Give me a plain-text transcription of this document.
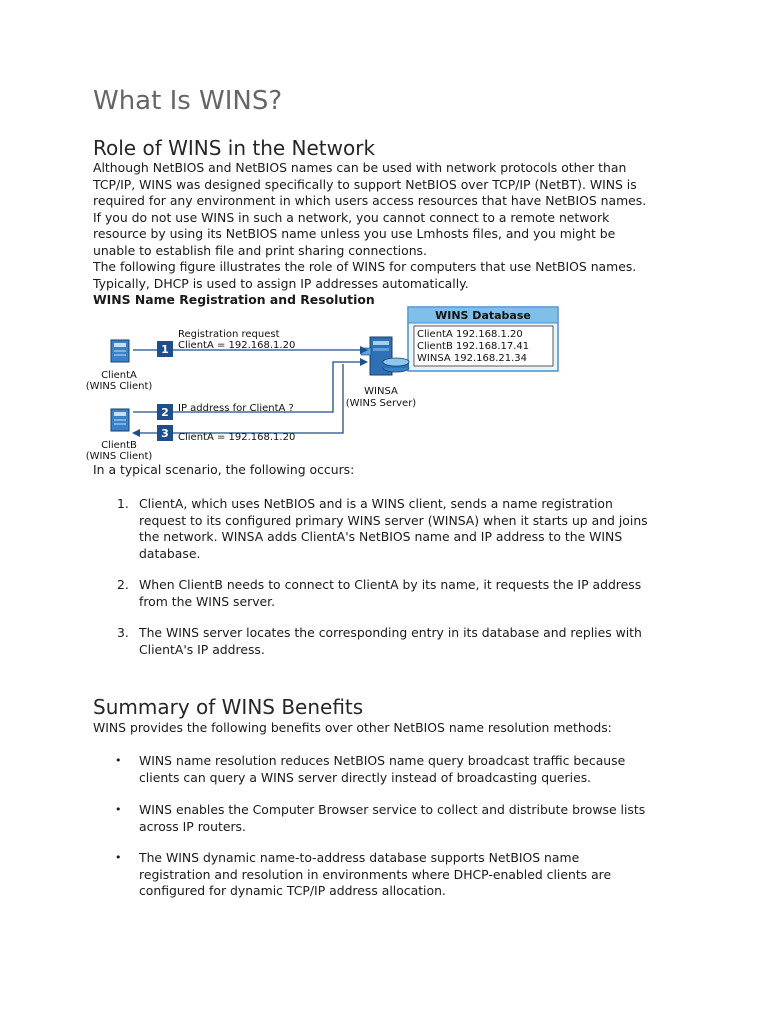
What Is WINS?
Role of WINS in the Network
Although NetBIOS and NetBIOS names can be used with network protocols other than
TCP/IP, WINS was designed specifically to support NetBIOS over TCP/IP (NetBT). WINS is
required for any environment in which users access resources that have NetBIOS names.
If you do not use WINS in such a network, you cannot connect to a remote network
resource by using its NetBIOS name unless you use Lmhosts files, and you might be
unable to establish file and print sharing connections.
The following figure illustrates the role of WINS for computers that use NetBIOS names.
Typically, DHCP is used to assign IP addresses automatically.
WINS Name Registration and Resolution
WINS Database
ClientA 192.168.1.20
ClientB 192.168.17.41
WINSA 192.168.21.34
WINSA
(WINS Server)
ClientA
(WINS Client)
ClientB
(WINS Client)
1
Registration request
ClientA = 192.168.1.20
2 IP address for ClientA ?
3 ClientA = 192.168.1.20
In a typical scenario, the following occurs:
1. ClientA, which uses NetBIOS and is a WINS client, sends a name registration
request to its configured primary WINS server (WINSA) when it starts up and joins
the network. WINSA adds ClientA's NetBIOS name and IP address to the WINS
database.
2. When ClientB needs to connect to ClientA by its name, it requests the IP address
from the WINS server.
3. The WINS server locates the corresponding entry in its database and replies with
ClientA's IP address.
Summary of WINS Benefits
WINS provides the following benefits over other NetBIOS name resolution methods:
• WINS name resolution reduces NetBIOS name query broadcast traffic because
clients can query a WINS server directly instead of broadcasting queries.
• WINS enables the Computer Browser service to collect and distribute browse lists
across IP routers.
• The WINS dynamic name-to-address database supports NetBIOS name
registration and resolution in environments where DHCP-enabled clients are
configured for dynamic TCP/IP address allocation.
